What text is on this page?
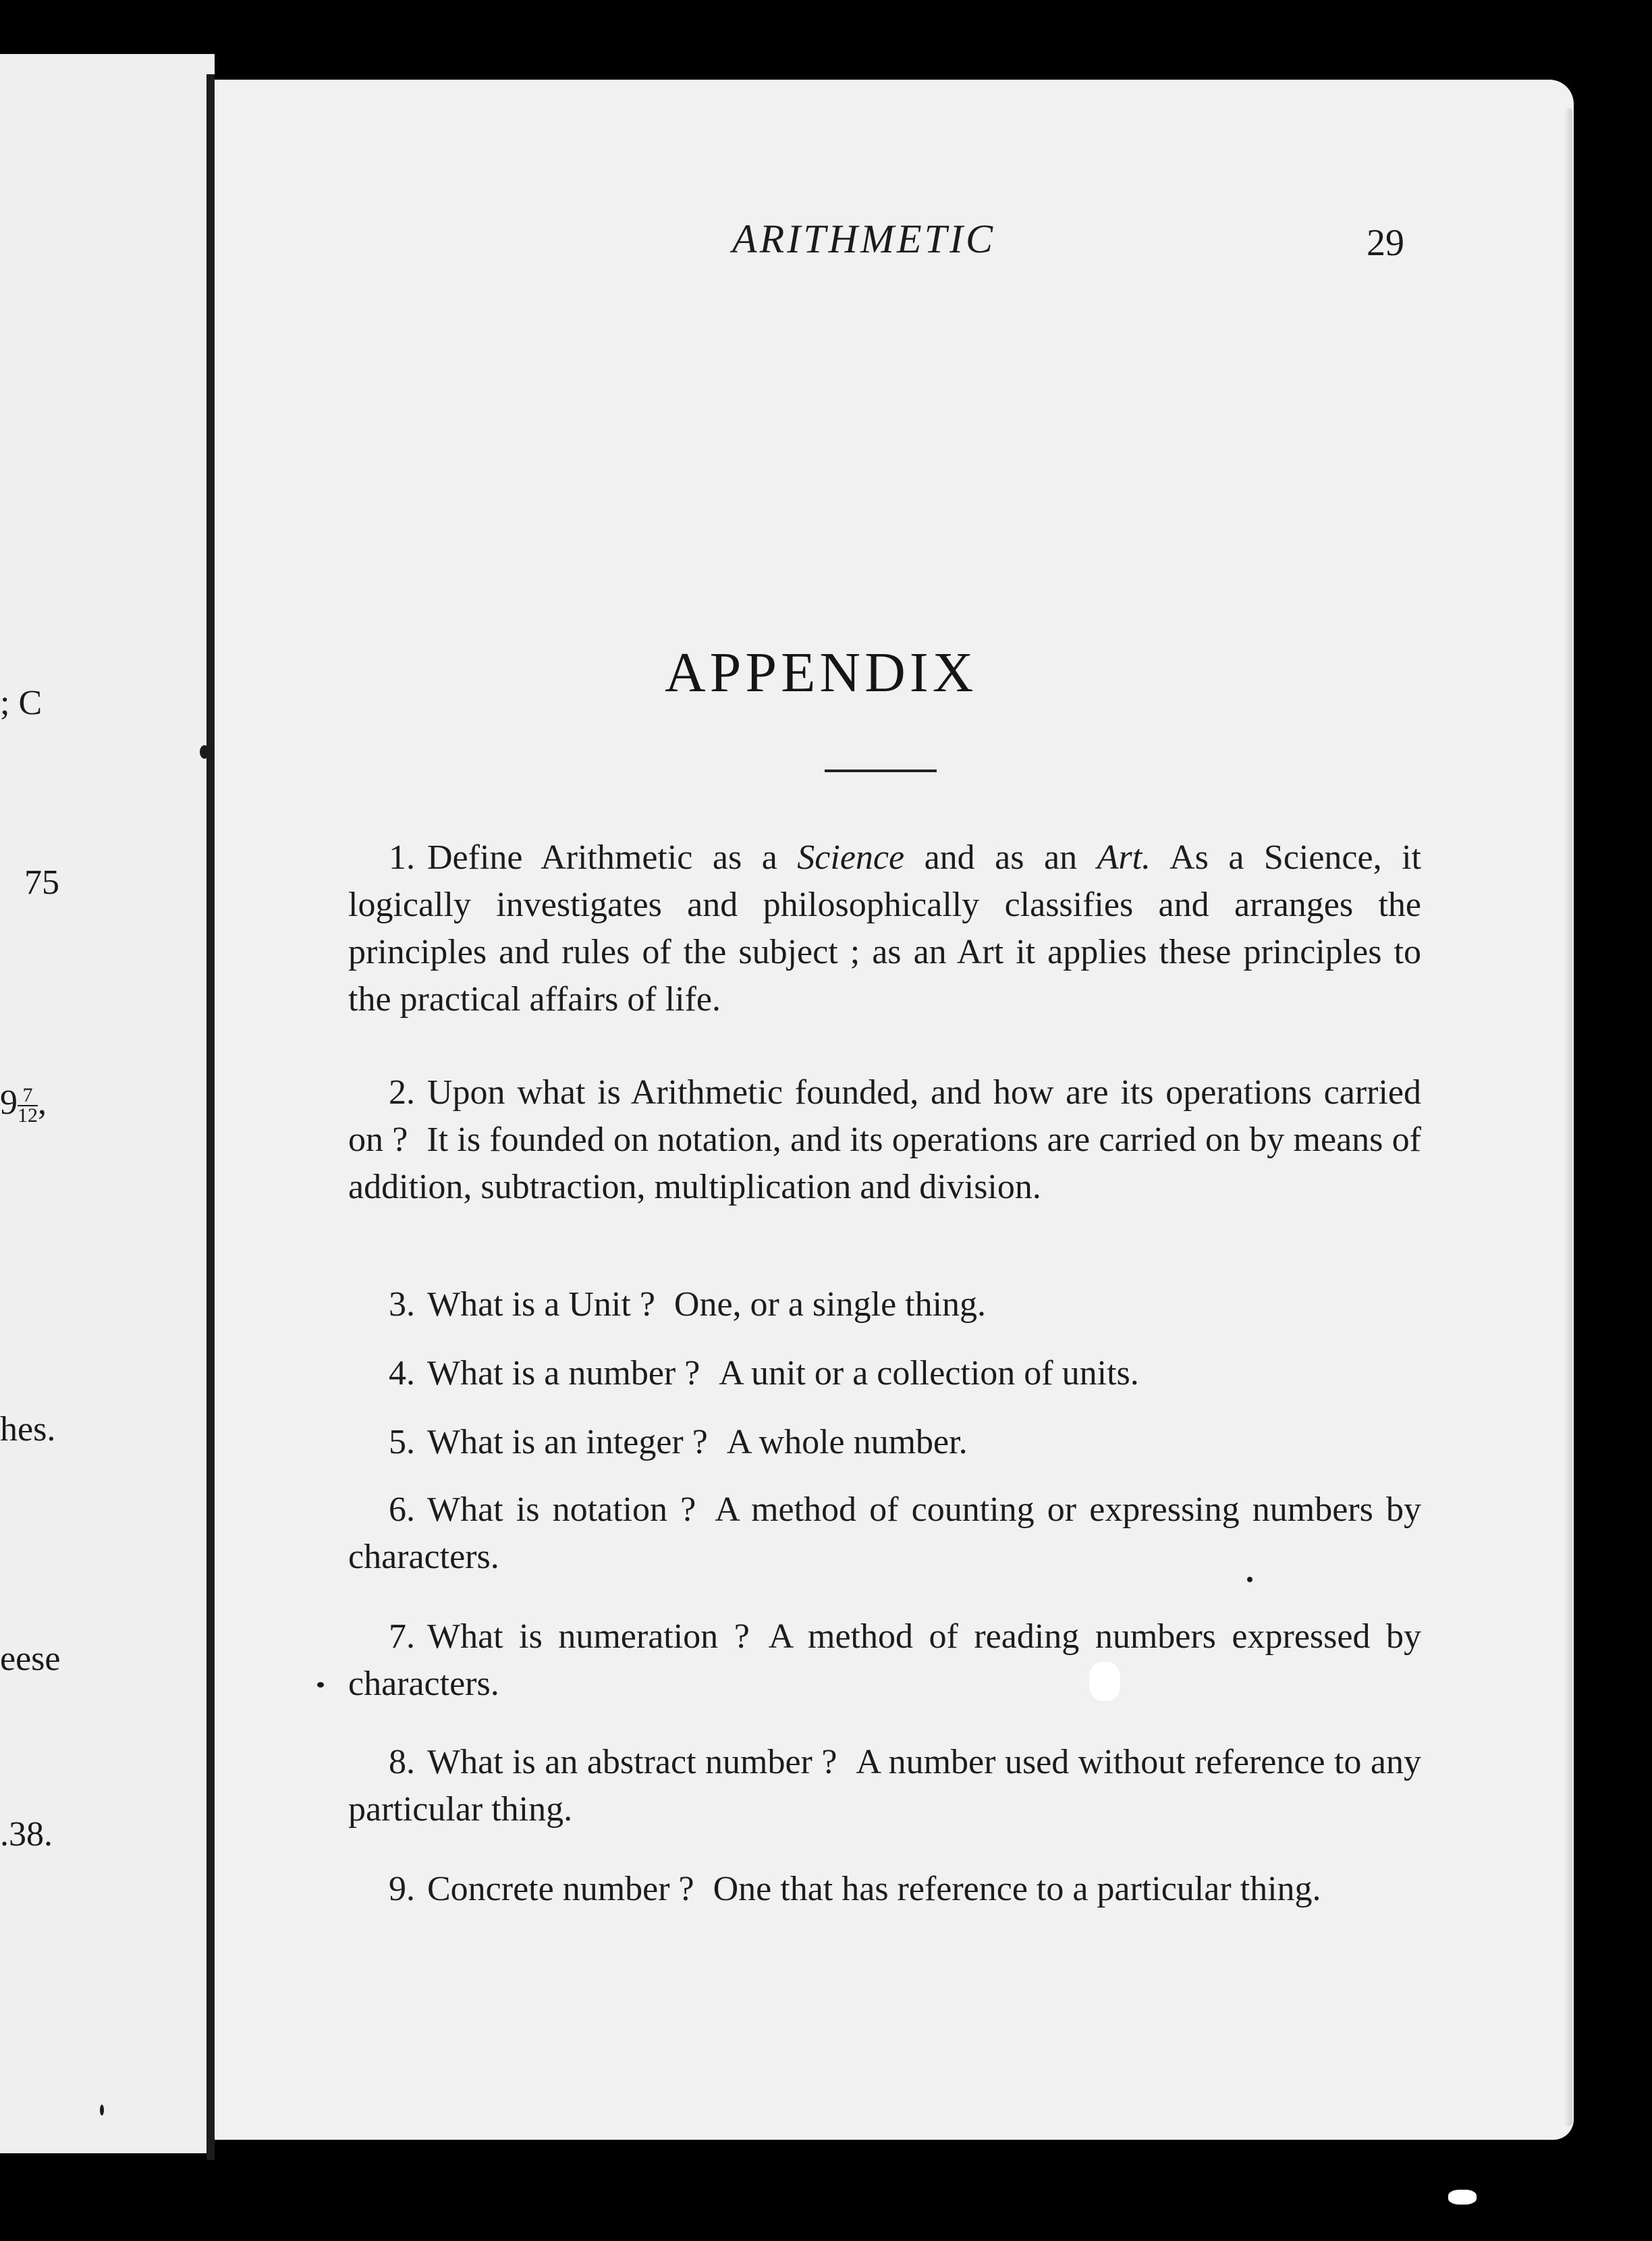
; C
75
$9 \frac{7}{12}$ ,
hes.
eese
.38.
ARITHMETIC	29
APPENDIX

1. Define Arithmetic as a Science and as an Art. As a Science, it logically investigates and philosophically classifies and arranges the principles and rules of the subject ; as an Art it applies these principles to the practical affairs of life.

2. Upon what is Arithmetic founded, and how are its operations carried on ? It is founded on notation, and its operations are carried on by means of addition, subtraction, multiplication and division.

3. What is a Unit ? One, or a single thing.

4. What is a number ? A unit or a collection of units.

5. What is an integer ? A whole number.

6. What is notation ? A method of counting or expressing numbers by characters.

7. What is numeration ? A method of reading numbers expressed by characters.

8. What is an abstract number ? A number used without reference to any particular thing.

9. Concrete number ? One that has reference to a particular thing.
